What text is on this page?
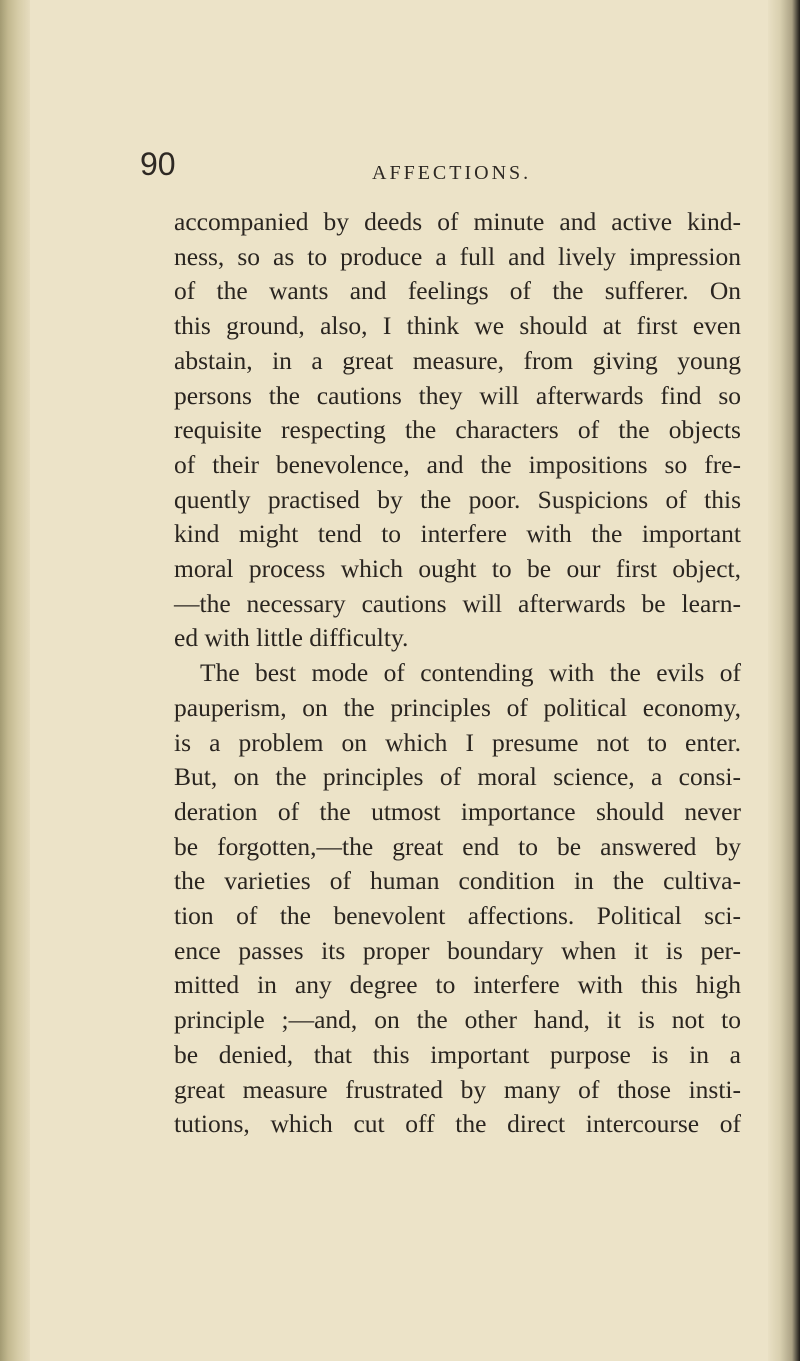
90	AFFECTIONS.
accompanied by deeds of minute and active kind-
ness, so as to produce a full and lively impression
of the wants and feelings of the sufferer. On
this ground, also, I think we should at first even
abstain, in a great measure, from giving young
persons the cautions they will afterwards find so
requisite respecting the characters of the objects
of their benevolence, and the impositions so fre-
quently practised by the poor. Suspicions of this
kind might tend to interfere with the important
moral process which ought to be our first object,
—the necessary cautions will afterwards be learn-
ed with little difficulty.
The best mode of contending with the evils of
pauperism, on the principles of political economy,
is a problem on which I presume not to enter.
But, on the principles of moral science, a consi-
deration of the utmost importance should never
be forgotten,—the great end to be answered by
the varieties of human condition in the cultiva-
tion of the benevolent affections. Political sci-
ence passes its proper boundary when it is per-
mitted in any degree to interfere with this high
principle ;—and, on the other hand, it is not to
be denied, that this important purpose is in a
great measure frustrated by many of those insti-
tutions, which cut off the direct intercourse of
